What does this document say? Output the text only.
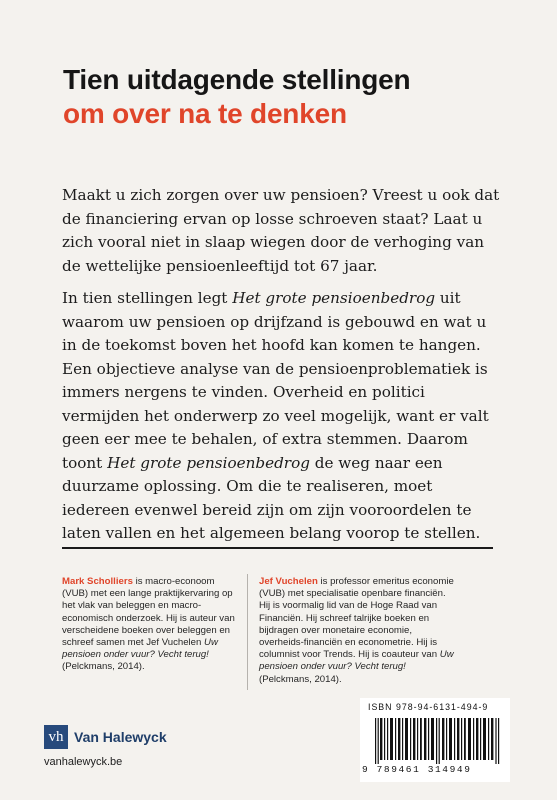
Tien uitdagende stellingen
om over na te denken

Maakt u zich zorgen over uw pensioen? Vreest u ook dat de financiering ervan op losse schroeven staat? Laat u zich vooral niet in slaap wiegen door de verhoging van de wettelijke pensioenleeftijd tot 67 jaar.

In tien stellingen legt Het grote pensioenbedrog uit waarom uw pensioen op drijfzand is gebouwd en wat u in de toekomst boven het hoofd kan komen te hangen. Een objectieve analyse van de pensioenproblematiek is immers nergens te vinden. Overheid en politici vermijden het onderwerp zo veel mogelijk, want er valt geen eer mee te behalen, of extra stemmen. Daarom toont Het grote pensioenbedrog de weg naar een duurzame oplossing. Om die te realiseren, moet iedereen evenwel bereid zijn om zijn vooroordelen te laten vallen en het algemeen belang voorop te stellen.

Mark Scholliers is macro-econoom (VUB) met een lange praktijkervaring op het vlak van beleggen en macro-economisch onderzoek. Hij is auteur van verscheidene boeken over beleggen en schreef samen met Jef Vuchelen Uw pensioen onder vuur? Vecht terug! (Pelckmans, 2014).
Jef Vuchelen is professor emeritus economie (VUB) met specialisatie openbare financiën. Hij is voormalig lid van de Hoge Raad van Financiën. Hij schreef talrijke boeken en bijdragen over monetaire economie, overheids-financiën en econometrie. Hij is columnist voor Trends. Hij is coauteur van Uw pensioen onder vuur? Vecht terug! (Pelckmans, 2014).
vh Van Halewyck
vanhalewyck.be
ISBN 978-94-6131-494-9
9 789461 314949
